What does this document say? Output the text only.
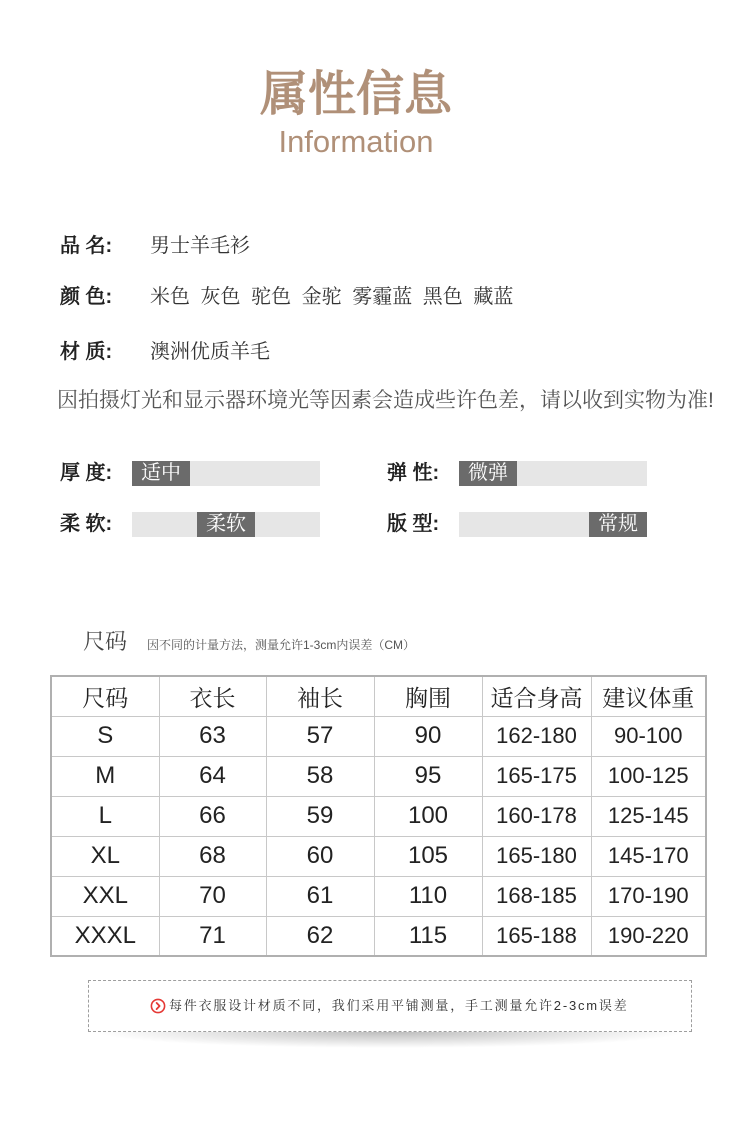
属性信息
Information
品 名: 男士羊毛衫
颜 色: 米色 灰色 驼色 金驼 雾霾蓝 黑色 藏蓝
材 质: 澳洲优质羊毛
因拍摄灯光和显示器环境光等因素会造成些许色差，请以收到实物为准!
厚 度:	适中	弹 性:	微弹
柔 软:	柔软	版 型:	常规
尺码 因不同的计量方法，测量允许1-3cm内误差（CM）
尺码	衣长	袖长	胸围	适合身高	建议体重
S	63	57	90	162-180	90-100
M	64	58	95	165-175	100-125
L	66	59	100	160-178	125-145
XL	68	60	105	165-180	145-170
XXL	70	61	110	168-185	170-190
XXXL	71	62	115	165-188	190-220
每件衣服设计材质不同，我们采用平铺测量，手工测量允许2-3cm误差
